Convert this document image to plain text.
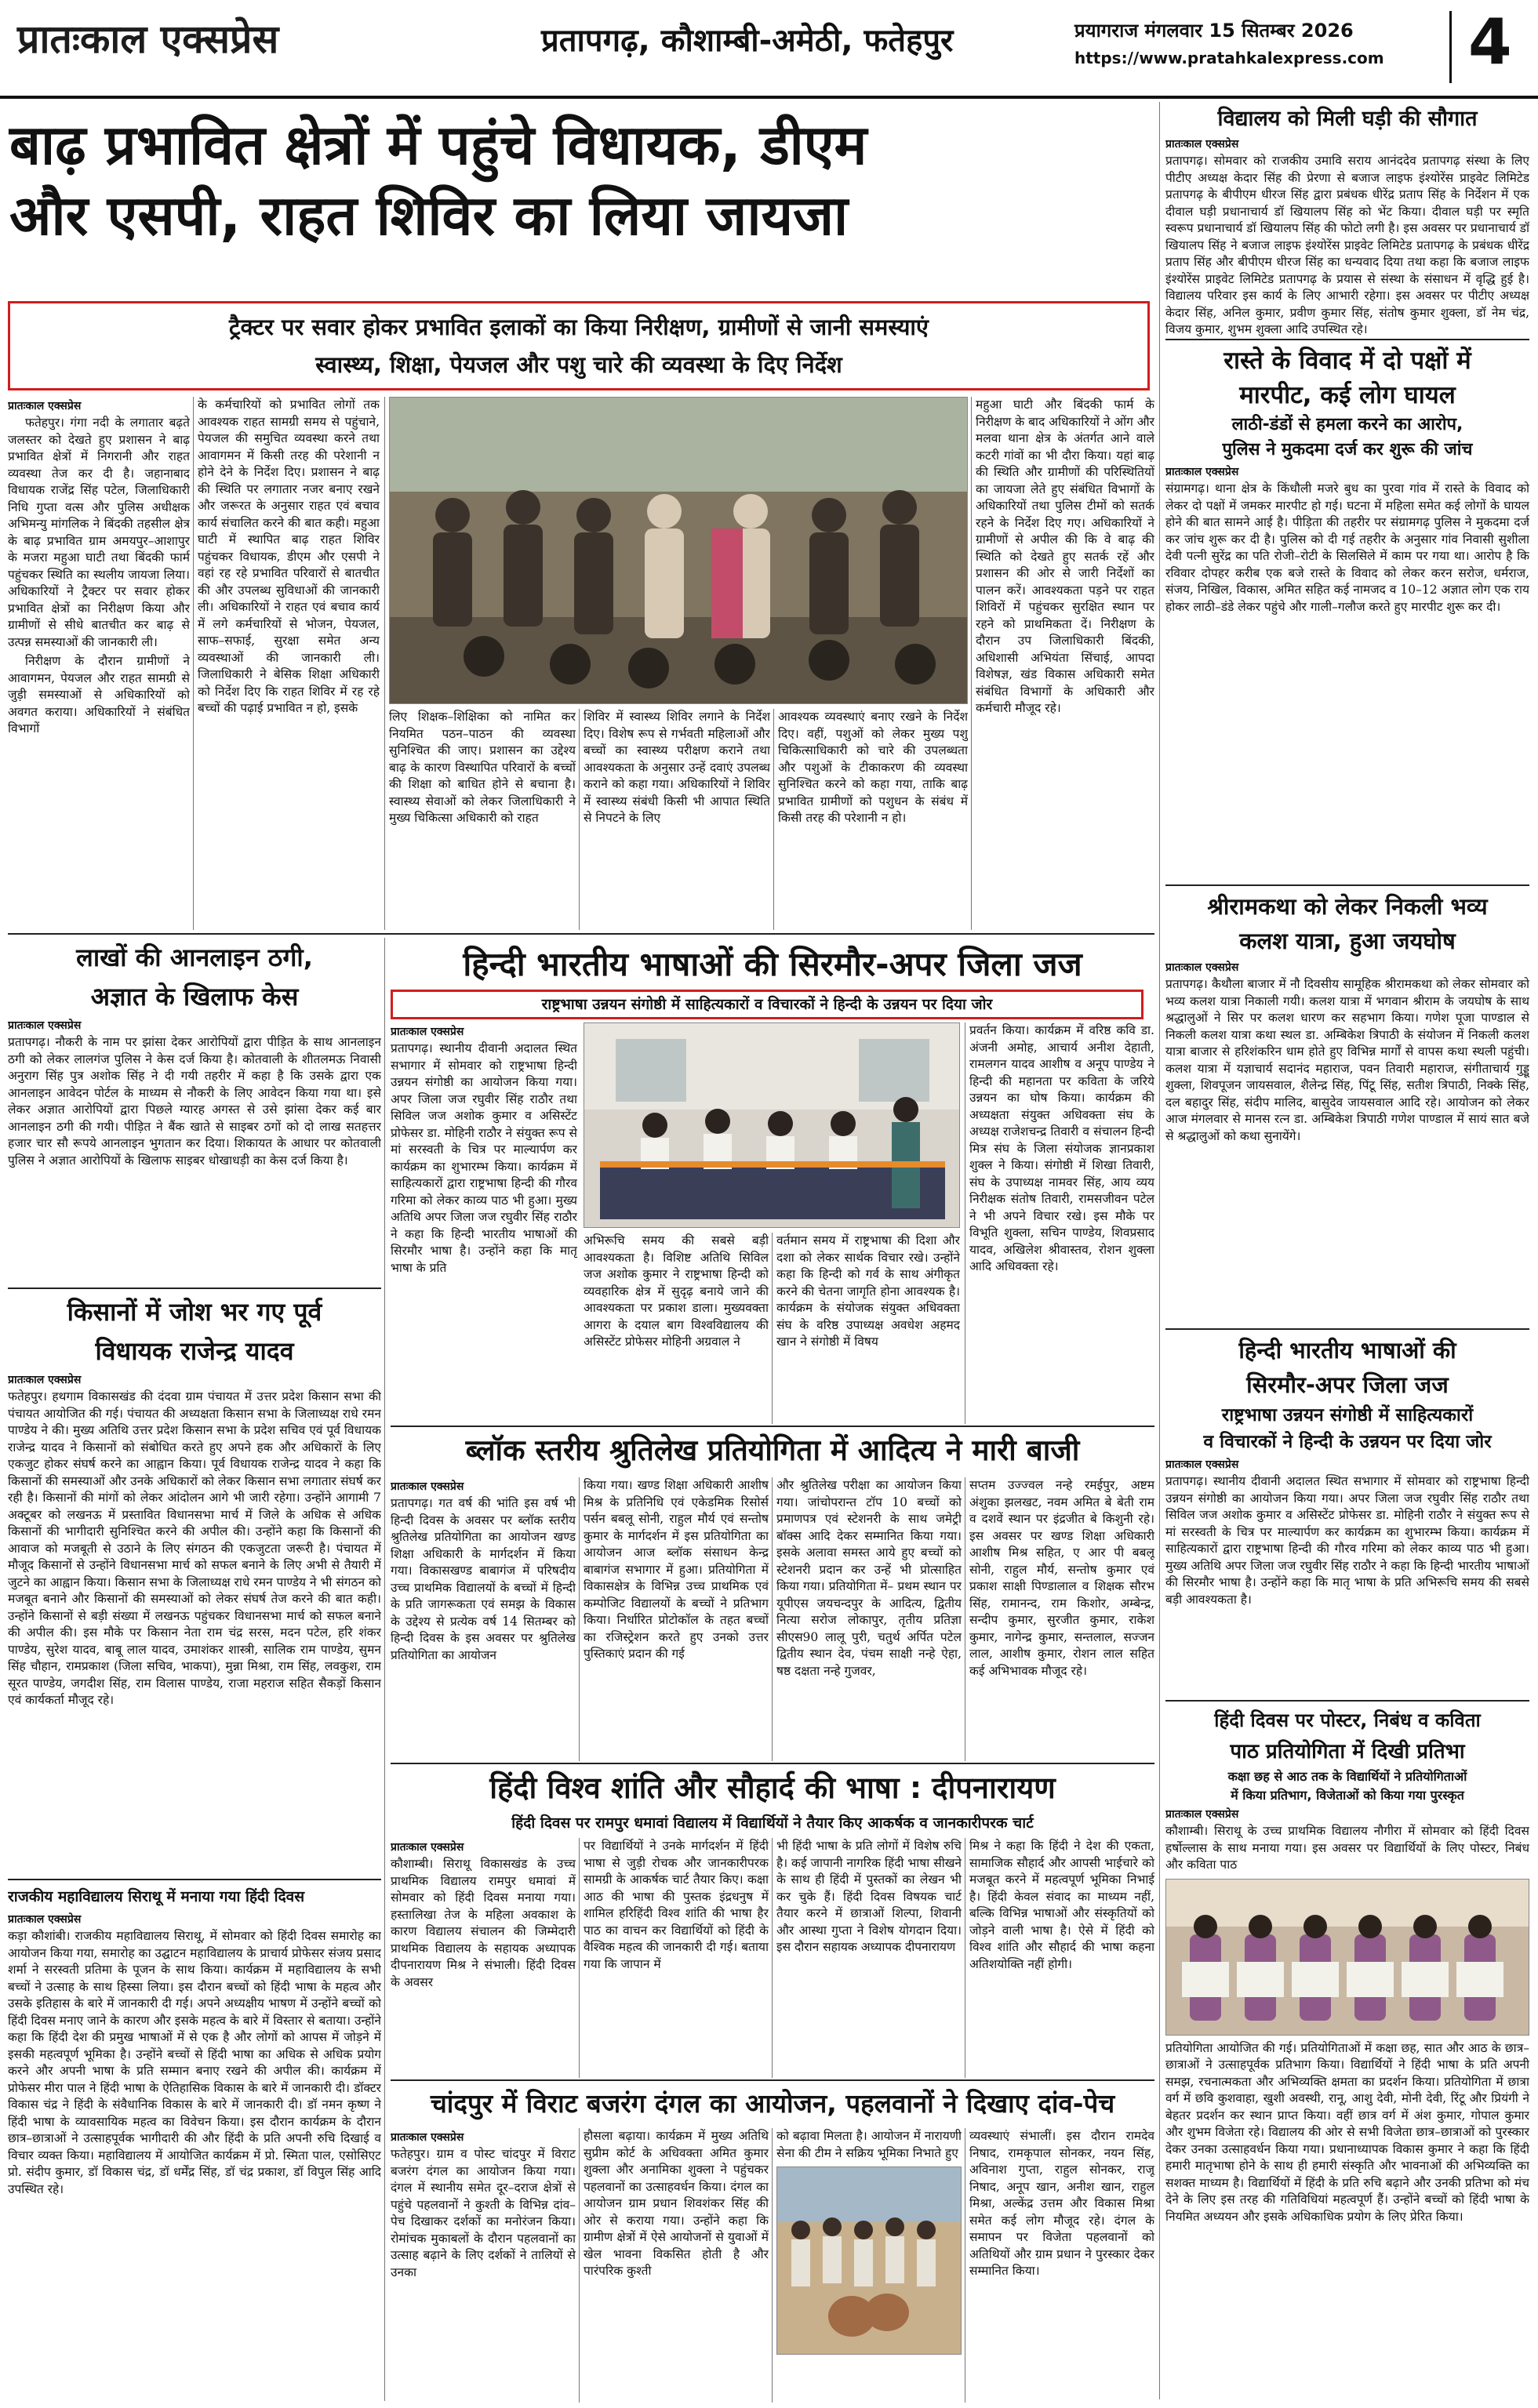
प्रातःकाल एक्सप्रेस	प्रतापगढ़, कौशाम्बी-अमेठी, फतेहपुर	प्रयागराज मंगलवार 15 सितम्बर 2026
https://www.pratahkalexpress.com 4
बाढ़ प्रभावित क्षेत्रों में पहुंचे विधायक, डीएम
और एसपी, राहत शिविर का लिया जायजा
ट्रैक्टर पर सवार होकर प्रभावित इलाकों का किया निरीक्षण, ग्रामीणों से जानी समस्याएं
स्वास्थ्य, शिक्षा, पेयजल और पशु चारे की व्यवस्था के दिए निर्देश

प्रातःकाल एक्सप्रेस

फतेहपुर। गंगा नदी के लगातार बढ़ते जलस्तर को देखते हुए प्रशासन ने बाढ़ प्रभावित क्षेत्रों में निगरानी और राहत व्यवस्था तेज कर दी है। जहानाबाद विधायक राजेंद्र सिंह पटेल, जिलाधिकारी निधि गुप्ता वत्स और पुलिस अधीक्षक अभिमन्यु मांगलिक ने बिंदकी तहसील क्षेत्र के बाढ़ प्रभावित ग्राम अमयपुर–आशापुर के मजरा महुआ घाटी तथा बिंदकी फार्म पहुंचकर स्थिति का स्थलीय जायजा लिया। अधिकारियों ने ट्रैक्टर पर सवार होकर प्रभावित क्षेत्रों का निरीक्षण किया और ग्रामीणों से सीधे बातचीत कर बाढ़ से उत्पन्न समस्याओं की जानकारी ली।

निरीक्षण के दौरान ग्रामीणों ने आवागमन, पेयजल और राहत सामग्री से जुड़ी समस्याओं से अधिकारियों को अवगत कराया। अधिकारियों ने संबंधित विभागों

के कर्मचारियों को प्रभावित लोगों तक आवश्यक राहत सामग्री समय से पहुंचाने, पेयजल की समुचित व्यवस्था करने तथा आवागमन में किसी तरह की परेशानी न होने देने के निर्देश दिए। प्रशासन ने बाढ़ की स्थिति पर लगातार नजर बनाए रखने और जरूरत के अनुसार राहत एवं बचाव कार्य संचालित करने की बात कही। महुआ घाटी में स्थापित बाढ़ राहत शिविर पहुंचकर विधायक, डीएम और एसपी ने वहां रह रहे प्रभावित परिवारों से बातचीत की और उपलब्ध सुविधाओं की जानकारी ली। अधिकारियों ने राहत एवं बचाव कार्य में लगे कर्मचारियों से भोजन, पेयजल, साफ–सफाई, सुरक्षा समेत अन्य व्यवस्थाओं की जानकारी ली। जिलाधिकारी ने बेसिक शिक्षा अधिकारी को निर्देश दिए कि राहत शिविर में रह रहे बच्चों की पढ़ाई प्रभावित न हो, इसके

लिए शिक्षक–शिक्षिका को नामित कर नियमित पठन–पाठन की व्यवस्था सुनिश्चित की जाए। प्रशासन का उद्देश्य बाढ़ के कारण विस्थापित परिवारों के बच्चों की शिक्षा को बाधित होने से बचाना है। स्वास्थ्य सेवाओं को लेकर जिलाधिकारी ने मुख्य चिकित्सा अधिकारी को राहत

शिविर में स्वास्थ्य शिविर लगाने के निर्देश दिए। विशेष रूप से गर्भवती महिलाओं और बच्चों का स्वास्थ्य परीक्षण कराने तथा आवश्यकता के अनुसार उन्हें दवाएं उपलब्ध कराने को कहा गया। अधिकारियों ने शिविर में स्वास्थ्य संबंधी किसी भी आपात स्थिति से निपटने के लिए

आवश्यक व्यवस्थाएं बनाए रखने के निर्देश दिए। वहीं, पशुओं को लेकर मुख्य पशु चिकित्साधिकारी को चारे की उपलब्धता और पशुओं के टीकाकरण की व्यवस्था सुनिश्चित करने को कहा गया, ताकि बाढ़ प्रभावित ग्रामीणों को पशुधन के संबंध में किसी तरह की परेशानी न हो।

महुआ घाटी और बिंदकी फार्म के निरीक्षण के बाद अधिकारियों ने ओंग और मलवा थाना क्षेत्र के अंतर्गत आने वाले कटरी गांवों का भी दौरा किया। यहां बाढ़ की स्थिति और ग्रामीणों की परिस्थितियों का जायजा लेते हुए संबंधित विभागों के अधिकारियों तथा पुलिस टीमों को सतर्क रहने के निर्देश दिए गए। अधिकारियों ने ग्रामीणों से अपील की कि वे बाढ़ की स्थिति को देखते हुए सतर्क रहें और प्रशासन की ओर से जारी निर्देशों का पालन करें। आवश्यकता पड़ने पर राहत शिविरों में पहुंचकर सुरक्षित स्थान पर रहने को प्राथमिकता दें। निरीक्षण के दौरान उप जिलाधिकारी बिंदकी, अधिशासी अभियंता सिंचाई, आपदा विशेषज्ञ, खंड विकास अधिकारी समेत संबंधित विभागों के अधिकारी और कर्मचारी मौजूद रहे।

विद्यालय को मिली घड़ी की सौगात

प्रातःकाल एक्सप्रेस

प्रतापगढ़। सोमवार को राजकीय उमावि सराय आनंददेव प्रतापगढ़ संस्था के लिए पीटीए अध्यक्ष केदार सिंह की प्रेरणा से बजाज लाइफ इंश्योरेंस प्राइवेट लिमिटेड प्रतापगढ़ के बीपीएम धीरज सिंह द्वारा प्रबंधक धीरेंद्र प्रताप सिंह के निर्देशन में एक दीवाल घड़ी प्रधानाचार्य डॉ खियालप सिंह को भेंट किया। दीवाल घड़ी पर स्मृति स्वरूप प्रधानाचार्य डॉ खियालप सिंह की फोटो लगी है। इस अवसर पर प्रधानाचार्य डॉ खियालप सिंह ने बजाज लाइफ इंश्योरेंस प्राइवेट लिमिटेड प्रतापगढ़ के प्रबंधक धीरेंद्र प्रताप सिंह और बीपीएम धीरज सिंह का धन्यवाद दिया तथा कहा कि बजाज लाइफ इंश्योरेंस प्राइवेट लिमिटेड प्रतापगढ़ के प्रयास से संस्था के संसाधन में वृद्धि हुई है। विद्यालय परिवार इस कार्य के लिए आभारी रहेगा। इस अवसर पर पीटीए अध्यक्ष केदार सिंह, अनिल कुमार, प्रवीण कुमार सिंह, संतोष कुमार शुक्ला, डॉ नेम चंद्र, विजय कुमार, शुभम शुक्ला आदि उपस्थित रहे।

रास्ते के विवाद में दो पक्षों में
मारपीट, कई लोग घायल
लाठी-डंडों से हमला करने का आरोप,
पुलिस ने मुकदमा दर्ज कर शुरू की जांच

प्रातःकाल एक्सप्रेस

संग्रामगढ़। थाना क्षेत्र के किंधौली मजरे बुध का पुरवा गांव में रास्ते के विवाद को लेकर दो पक्षों में जमकर मारपीट हो गई। घटना में महिला समेत कई लोगों के घायल होने की बात सामने आई है। पीड़िता की तहरीर पर संग्रामगढ़ पुलिस ने मुकदमा दर्ज कर जांच शुरू कर दी है। पुलिस को दी गई तहरीर के अनुसार गांव निवासी सुशीला देवी पत्नी सुरेंद्र का पति रोजी–रोटी के सिलसिले में काम पर गया था। आरोप है कि रविवार दोपहर करीब एक बजे रास्ते के विवाद को लेकर करन सरोज, धर्मराज, संजय, निखिल, विकास, अमित सहित कई नामजद व 10–12 अज्ञात लोग एक राय होकर लाठी–डंडे लेकर पहुंचे और गाली–गलौज करते हुए मारपीट शुरू कर दी।

श्रीरामकथा को लेकर निकली भव्य
कलश यात्रा, हुआ जयघोष

प्रातःकाल एक्सप्रेस

प्रतापगढ़। कैथौला बाजार में नौ दिवसीय सामूहिक श्रीरामकथा को लेकर सोमवार को भव्य कलश यात्रा निकाली गयी। कलश यात्रा में भगवान श्रीराम के जयघोष के साथ श्रद्धालुओं ने सिर पर कलश धारण कर सहभाग किया। गणेश पूजा पाण्डाल से निकली कलश यात्रा कथा स्थल डा. अम्बिकेश त्रिपाठी के संयोजन में निकली कलश यात्रा बाजार से हरिशंकरिन धाम होते हुए विभिन्न मार्गों से वापस कथा स्थली पहुंची। कलश यात्रा में यज्ञाचार्य सदानंद महाराज, पवन तिवारी महाराज, संगीताचार्य गुड्डू शुक्ला, शिवपूजन जायसवाल, शैलेन्द्र सिंह, पिंटू सिंह, सतीश त्रिपाठी, निक्के सिंह, दल बहादुर सिंह, संदीप मालिद, बासुदेव जायसवाल आदि रहे। आयोजन को लेकर आज मंगलवार से मानस रत्न डा. अम्बिकेश त्रिपाठी गणेश पाण्डाल में सायं सात बजे से श्रद्धालुओं को कथा सुनायेंगे।

हिन्दी भारतीय भाषाओं की
सिरमौर-अपर जिला जज
राष्ट्रभाषा उन्नयन संगोष्ठी में साहित्यकारों
व विचारकों ने हिन्दी के उन्नयन पर दिया जोर

प्रातःकाल एक्सप्रेस

प्रतापगढ़। स्थानीय दीवानी अदालत स्थित सभागार में सोमवार को राष्ट्रभाषा हिन्दी उन्नयन संगोष्ठी का आयोजन किया गया। अपर जिला जज रघुवीर सिंह राठौर तथा सिविल जज अशोक कुमार व असिस्टेंट प्रोफेसर डा. मोहिनी राठौर ने संयुक्त रूप से मां सरस्वती के चित्र पर माल्यार्पण कर कार्यक्रम का शुभारम्भ किया। कार्यक्रम में साहित्यकारों द्वारा राष्ट्रभाषा हिन्दी की गौरव गरिमा को लेकर काव्य पाठ भी हुआ। मुख्य अतिथि अपर जिला जज रघुवीर सिंह राठौर ने कहा कि हिन्दी भारतीय भाषाओं की सिरमौर भाषा है। उन्होंने कहा कि मातृ भाषा के प्रति अभिरूचि समय की सबसे बड़ी आवश्यकता है।

हिंदी दिवस पर पोस्टर, निबंध व कविता
पाठ प्रतियोगिता में दिखी प्रतिभा
कक्षा छह से आठ तक के विद्यार्थियों ने प्रतियोगिताओं
में किया प्रतिभाग, विजेताओं को किया गया पुरस्कृत

प्रातःकाल एक्सप्रेस

कौशाम्बी। सिराथू के उच्च प्राथमिक विद्यालय नौगीरा में सोमवार को हिंदी दिवस हर्षोल्लास के साथ मनाया गया। इस अवसर पर विद्यार्थियों के लिए पोस्टर, निबंध और कविता पाठ

प्रतियोगिता आयोजित की गई। प्रतियोगिताओं में कक्षा छह, सात और आठ के छात्र–छात्राओं ने उत्साहपूर्वक प्रतिभाग किया। विद्यार्थियों ने हिंदी भाषा के प्रति अपनी समझ, रचनात्मकता और अभिव्यक्ति क्षमता का प्रदर्शन किया। प्रतियोगिता में छात्रा वर्ग में छवि कुशवाहा, खुशी अवस्थी, रानू, आशु देवी, मोनी देवी, रिंटू और प्रियंगी ने बेहतर प्रदर्शन कर स्थान प्राप्त किया। वहीं छात्र वर्ग में अंश कुमार, गोपाल कुमार और शुभम विजेता रहे। विद्यालय की ओर से सभी विजेता छात्र–छात्राओं को पुरस्कार देकर उनका उत्साहवर्धन किया गया। प्रधानाध्यापक विकास कुमार ने कहा कि हिंदी हमारी मातृभाषा होने के साथ ही हमारी संस्कृति और भावनाओं की अभिव्यक्ति का सशक्त माध्यम है। विद्यार्थियों में हिंदी के प्रति रुचि बढ़ाने और उनकी प्रतिभा को मंच देने के लिए इस तरह की गतिविधियां महत्वपूर्ण हैं। उन्होंने बच्चों को हिंदी भाषा के नियमित अध्ययन और इसके अधिकाधिक प्रयोग के लिए प्रेरित किया।

लाखों की आनलाइन ठगी,
अज्ञात के खिलाफ केस

प्रातःकाल एक्सप्रेस

प्रतापगढ़। नौकरी के नाम पर झांसा देकर आरोपियों द्वारा पीड़ित के साथ आनलाइन ठगी को लेकर लालगंज पुलिस ने केस दर्ज किया है। कोतवाली के शीतलमऊ निवासी अनुराग सिंह पुत्र अशोक सिंह ने दी गयी तहरीर में कहा है कि उसके द्वारा एक आनलाइन आवेदन पोर्टल के माध्यम से नौकरी के लिए आवेदन किया गया था। इसे लेकर अज्ञात आरोपियों द्वारा पिछले ग्यारह अगस्त से उसे झांसा देकर कई बार आनलाइन ठगी की गयी। पीड़ित ने बैंक खाते से साइबर ठगों को दो लाख सतहत्तर हजार चार सौ रूपये आनलाइन भुगतान कर दिया। शिकायत के आधार पर कोतवाली पुलिस ने अज्ञात आरोपियों के खिलाफ साइबर धोखाधड़ी का केस दर्ज किया है।

किसानों में जोश भर गए पूर्व
विधायक राजेन्द्र यादव

प्रातःकाल एक्सप्रेस

फतेहपुर। हथगाम विकासखंड की दंदवा ग्राम पंचायत में उत्तर प्रदेश किसान सभा की पंचायत आयोजित की गई। पंचायत की अध्यक्षता किसान सभा के जिलाध्यक्ष राधे रमन पाण्डेय ने की। मुख्य अतिथि उत्तर प्रदेश किसान सभा के प्रदेश सचिव एवं पूर्व विधायक राजेन्द्र यादव ने किसानों को संबोधित करते हुए अपने हक और अधिकारों के लिए एकजुट होकर संघर्ष करने का आह्वान किया। पूर्व विधायक राजेन्द्र यादव ने कहा कि किसानों की समस्याओं और उनके अधिकारों को लेकर किसान सभा लगातार संघर्ष कर रही है। किसानों की मांगों को लेकर आंदोलन आगे भी जारी रहेगा। उन्होंने आगामी 7 अक्टूबर को लखनऊ में प्रस्तावित विधानसभा मार्च में जिले के अधिक से अधिक किसानों की भागीदारी सुनिश्चित करने की अपील की। उन्होंने कहा कि किसानों की आवाज को मजबूती से उठाने के लिए संगठन की एकजुटता जरूरी है। पंचायत में मौजूद किसानों से उन्होंने विधानसभा मार्च को सफल बनाने के लिए अभी से तैयारी में जुटने का आह्वान किया। किसान सभा के जिलाध्यक्ष राधे रमन पाण्डेय ने भी संगठन को मजबूत बनाने और किसानों की समस्याओं को लेकर संघर्ष तेज करने की बात कही। उन्होंने किसानों से बड़ी संख्या में लखनऊ पहुंचकर विधानसभा मार्च को सफल बनाने की अपील की। इस मौके पर किसान नेता राम चंद्र सरस, मदन पटेल, हरि शंकर पाण्डेय, सुरेश यादव, बाबू लाल यादव, उमाशंकर शास्त्री, सालिक राम पाण्डेय, सुमन सिंह चौहान, रामप्रकाश (जिला सचिव, भाकपा), मुन्ना मिश्रा, राम सिंह, लवकुश, राम सूरत पाण्डेय, जगदीश सिंह, राम विलास पाण्डेय, राजा महराज सहित सैकड़ों किसान एवं कार्यकर्ता मौजूद रहे।

राजकीय महाविद्यालय सिराथू में मनाया गया हिंदी दिवस

प्रातःकाल एक्सप्रेस

कड़ा कौशांबी। राजकीय महाविद्यालय सिराथू, में सोमवार को हिंदी दिवस समारोह का आयोजन किया गया, समारोह का उद्घाटन महाविद्यालय के प्राचार्य प्रोफेसर संजय प्रसाद शर्मा ने सरस्वती प्रतिमा के पूजन के साथ किया। कार्यक्रम में महाविद्यालय के सभी बच्चों ने उत्साह के साथ हिस्सा लिया। इस दौरान बच्चों को हिंदी भाषा के महत्व और उसके इतिहास के बारे में जानकारी दी गई। अपने अध्यक्षीय भाषण में उन्होंने बच्चों को हिंदी दिवस मनाए जाने के कारण और इसके महत्व के बारे में विस्तार से बताया। उन्होंने कहा कि हिंदी देश की प्रमुख भाषाओं में से एक है और लोगों को आपस में जोड़ने में इसकी महत्वपूर्ण भूमिका है। उन्होंने बच्चों से हिंदी भाषा का अधिक से अधिक प्रयोग करने और अपनी भाषा के प्रति सम्मान बनाए रखने की अपील की। कार्यक्रम में प्रोफेसर मीरा पाल ने हिंदी भाषा के ऐतिहासिक विकास के बारे में जानकारी दी। डॉक्टर विकास चंद्र ने हिंदी के संवैधानिक विकास के बारे में जानकारी दी। डॉ नमन कृष्ण ने हिंदी भाषा के व्यावसायिक महत्व का विवेचन किया। इस दौरान कार्यक्रम के दौरान छात्र–छात्राओं ने उत्साहपूर्वक भागीदारी की और हिंदी के प्रति अपनी रुचि दिखाई व विचार व्यक्त किया। महाविद्यालय में आयोजित कार्यक्रम में प्रो. स्मिता पाल, एसोसिएट प्रो. संदीप कुमार, डॉ विकास चंद्र, डॉ धर्मेंद्र सिंह, डॉ चंद्र प्रकाश, डॉ विपुल सिंह आदि उपस्थित रहे।

हिन्दी भारतीय भाषाओं की सिरमौर-अपर जिला जज
राष्ट्रभाषा उन्नयन संगोष्ठी में साहित्यकारों व विचारकों ने हिन्दी के उन्नयन पर दिया जोर

प्रातःकाल एक्सप्रेस

प्रतापगढ़। स्थानीय दीवानी अदालत स्थित सभागार में सोमवार को राष्ट्रभाषा हिन्दी उन्नयन संगोष्ठी का आयोजन किया गया। अपर जिला जज रघुवीर सिंह राठौर तथा सिविल जज अशोक कुमार व असिस्टेंट प्रोफेसर डा. मोहिनी राठौर ने संयुक्त रूप से मां सरस्वती के चित्र पर माल्यार्पण कर कार्यक्रम का शुभारम्भ किया। कार्यक्रम में साहित्यकारों द्वारा राष्ट्रभाषा हिन्दी की गौरव गरिमा को लेकर काव्य पाठ भी हुआ। मुख्य अतिथि अपर जिला जज रघुवीर सिंह राठौर ने कहा कि हिन्दी भारतीय भाषाओं की सिरमौर भाषा है। उन्होंने कहा कि मातृ भाषा के प्रति

अभिरूचि समय की सबसे बड़ी आवश्यकता है। विशिष्ट अतिथि सिविल जज अशोक कुमार ने राष्ट्रभाषा हिन्दी को व्यवहारिक क्षेत्र में सुदृढ़ बनाये जाने की आवश्यकता पर प्रकाश डाला। मुख्यवक्ता आगरा के दयाल बाग विश्वविद्यालय की असिस्टेंट प्रोफेसर मोहिनी अग्रवाल ने

वर्तमान समय में राष्ट्रभाषा की दिशा और दशा को लेकर सार्थक विचार रखे। उन्होंने कहा कि हिन्दी को गर्व के साथ अंगीकृत करने की चेतना जागृति होना आवश्यक है। कार्यक्रम के संयोजक संयुक्त अधिवक्ता संघ के वरिष्ठ उपाध्यक्ष अवधेश अहमद खान ने संगोष्ठी में विषय

प्रवर्तन किया। कार्यक्रम में वरिष्ठ कवि डा. अंजनी अमोह, आचार्य अनीश देहाती, रामलगन यादव आशीष व अनूप पाण्डेय ने हिन्दी की महानता पर कविता के जरिये उन्नयन का घोष किया। कार्यक्रम की अध्यक्षता संयुक्त अधिवक्ता संघ के अध्यक्ष राजेशचन्द्र तिवारी व संचालन हिन्दी मित्र संघ के जिला संयोजक ज्ञानप्रकाश शुक्ल ने किया। संगोष्ठी में शिखा तिवारी, संघ के उपाध्यक्ष नामवर सिंह, आय व्यय निरीक्षक संतोष तिवारी, रामसजीवन पटेल ने भी अपने विचार रखे। इस मौके पर विभूति शुक्ला, सचिन पाण्डेय, शिवप्रसाद यादव, अखिलेश श्रीवास्तव, रोशन शुक्ला आदि अधिवक्ता रहे।

ब्लॉक स्तरीय श्रुतिलेख प्रतियोगिता में आदित्य ने मारी बाजी

प्रातःकाल एक्सप्रेस

प्रतापगढ़। गत वर्ष की भांति इस वर्ष भी हिन्दी दिवस के अवसर पर ब्लॉक स्तरीय श्रुतिलेख प्रतियोगिता का आयोजन खण्ड शिक्षा अधिकारी के मार्गदर्शन में किया गया। विकासखण्ड बाबागंज में परिषदीय उच्च प्राथमिक विद्यालयों के बच्चों में हिन्दी के प्रति जागरूकता एवं समझ के विकास के उद्देश्य से प्रत्येक वर्ष 14 सितम्बर को हिन्दी दिवस के इस अवसर पर श्रुतिलेख प्रतियोगिता का आयोजन

किया गया। खण्ड शिक्षा अधिकारी आशीष मिश्र के प्रतिनिधि एवं एकेडमिक रिसोर्स पर्सन बबलू सोनी, राहुल मौर्य एवं सन्तोष कुमार के मार्गदर्शन में इस प्रतियोगिता का आयोजन आज ब्लॉक संसाधन केन्द्र बाबागंज सभागार में हुआ। प्रतियोगिता में विकासक्षेत्र के विभिन्न उच्च प्राथमिक एवं कम्पोजिट विद्यालयों के बच्चों ने प्रतिभाग किया। निर्धारित प्रोटोकॉल के तहत बच्चों का रजिस्ट्रेशन करते हुए उनको उत्तर पुस्तिकाएं प्रदान की गई

और श्रुतिलेख परीक्षा का आयोजन किया गया। जांचोपरान्त टॉप 10 बच्चों को प्रमाणपत्र एवं स्टेशनरी के साथ जमेट्री बॉक्स आदि देकर सम्मानित किया गया। इसके अलावा समस्त आये हुए बच्चों को स्टेशनरी प्रदान कर उन्हें भी प्रोत्साहित किया गया। प्रतियोगिता में– प्रथम स्थान पर यूपीएस जयचन्दपुर के आदित्य, द्वितीय नित्या सरोज लोकापुर, तृतीय प्रतिज्ञा सीएस90 लालू पुरी, चतुर्थ अर्पित पटेल द्वितीय स्थान देव, पंचम साक्षी नन्हे ऐहा, षष्ठ दक्षता नन्हे गुजवर,

सप्तम उज्ज्वल नन्हे रमईपुर, अष्टम अंशुका झलखट, नवम अमित बे बेती राम व दशवें स्थान पर इंद्रजीत बे किशुनी रहे। इस अवसर पर खण्ड शिक्षा अधिकारी आशीष मिश्र सहित, ए आर पी बबलू सोनी, राहुल मौर्य, सन्तोष कुमार एवं प्रकाश साक्षी पिण्डालाल व शिक्षक सौरभ सिंह, रामानन्द, राम किशोर, अम्बेन्द्र, सन्दीप कुमार, सुरजीत कुमार, राकेश कुमार, नागेन्द्र कुमार, सन्तलाल, सज्जन लाल, आशीष कुमार, रोशन लाल सहित कई अभिभावक मौजूद रहे।

हिंदी विश्व शांति और सौहार्द की भाषा : दीपनारायण
हिंदी दिवस पर रामपुर धमावां विद्यालय में विद्यार्थियों ने तैयार किए आकर्षक व जानकारीपरक चार्ट

प्रातःकाल एक्सप्रेस

कौशाम्बी। सिराथू विकासखंड के उच्च प्राथमिक विद्यालय रामपुर धमावां में सोमवार को हिंदी दिवस मनाया गया। हस्तालिखा तेज के महिला अवकाश के कारण विद्यालय संचालन की जिम्मेदारी प्राथमिक विद्यालय के सहायक अध्यापक दीपनारायण मिश्र ने संभाली। हिंदी दिवस के अवसर

पर विद्यार्थियों ने उनके मार्गदर्शन में हिंदी भाषा से जुड़ी रोचक और जानकारीपरक सामग्री के आकर्षक चार्ट तैयार किए। कक्षा आठ की भाषा की पुस्तक इंद्रधनुष में शामिल हरिहिंदी विश्व शांति की भाषा हैर पाठ का वाचन कर विद्यार्थियों को हिंदी के वैश्विक महत्व की जानकारी दी गई। बताया गया कि जापान में

भी हिंदी भाषा के प्रति लोगों में विशेष रुचि है। कई जापानी नागरिक हिंदी भाषा सीखने के साथ ही हिंदी में पुस्तकों का लेखन भी कर चुके हैं। हिंदी दिवस विषयक चार्ट तैयार करने में छात्राओं शिल्पा, शिवानी और आस्था गुप्ता ने विशेष योगदान दिया। इस दौरान सहायक अध्यापक दीपनारायण

मिश्र ने कहा कि हिंदी ने देश की एकता, सामाजिक सौहार्द और आपसी भाईचारे को मजबूत करने में महत्वपूर्ण भूमिका निभाई है। हिंदी केवल संवाद का माध्यम नहीं, बल्कि विभिन्न भाषाओं और संस्कृतियों को जोड़ने वाली भाषा है। ऐसे में हिंदी को विश्व शांति और सौहार्द की भाषा कहना अतिशयोक्ति नहीं होगी।

चांदपुर में विराट बजरंग दंगल का आयोजन, पहलवानों ने दिखाए दांव-पेच

प्रातःकाल एक्सप्रेस

फतेहपुर। ग्राम व पोस्ट चांदपुर में विराट बजरंग दंगल का आयोजन किया गया। दंगल में स्थानीय समेत दूर–दराज क्षेत्रों से पहुंचे पहलवानों ने कुश्ती के विभिन्न दांव–पेच दिखाकर दर्शकों का मनोरंजन किया। रोमांचक मुकाबलों के दौरान पहलवानों का उत्साह बढ़ाने के लिए दर्शकों ने तालियों से उनका

हौसला बढ़ाया। कार्यक्रम में मुख्य अतिथि सुप्रीम कोर्ट के अधिवक्ता अमित कुमार शुक्ला और अनामिका शुक्ला ने पहुंचकर पहलवानों का उत्साहवर्धन किया। दंगल का आयोजन ग्राम प्रधान शिवशंकर सिंह की ओर से कराया गया। उन्होंने कहा कि ग्रामीण क्षेत्रों में ऐसे आयोजनों से युवाओं में खेल भावना विकसित होती है और पारंपरिक कुश्ती

को बढ़ावा मिलता है। आयोजन में नारायणी सेना की टीम ने सक्रिय भूमिका निभाते हुए

व्यवस्थाएं संभालीं। इस दौरान रामदेव निषाद, रामकृपाल सोनकर, नयन सिंह, अविनाश गुप्ता, राहुल सोनकर, राजू निषाद, अनूप खान, अनीश खान, राहुल मिश्रा, अल्केंद्र उत्तम और विकास मिश्रा समेत कई लोग मौजूद रहे। दंगल के समापन पर विजेता पहलवानों को अतिथियों और ग्राम प्रधान ने पुरस्कार देकर सम्मानित किया।
